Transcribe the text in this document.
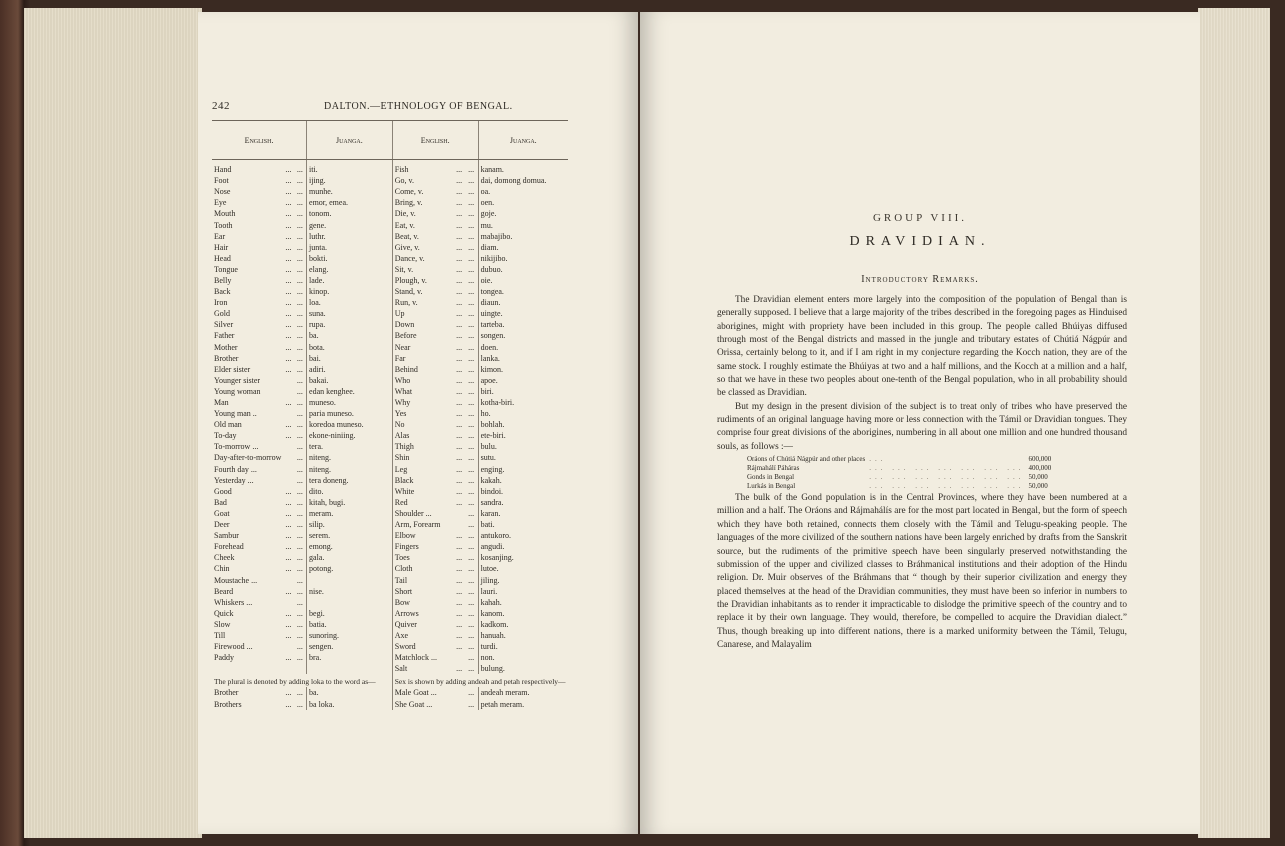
242	DALTON.—ETHNOLOGY OF BENGAL.
English.			Juanga.	English.			Juanga.
Hand	...	...	iti.	Fish	...	...	kanam.
Foot	...	...	ijing.	Go, v.	...	...	dai, domong domua.
Nose	...	...	munhe.	Come, v.	...	...	oa.
Eye	...	...	emor, emea.	Bring, v.	...	...	oen.
Mouth	...	...	tonom.	Die, v.	...	...	goje.
Tooth	...	...	gene.	Eat, v.	...	...	mu.
Ear	...	...	luthr.	Beat, v.	...	...	mabajibo.
Hair	...	...	junta.	Give, v.	...	...	diam.
Head	...	...	bokti.	Dance, v.	...	...	nikijibo.
Tongue	...	...	elang.	Sit, v.	...	...	dubuo.
Belly	...	...	lade.	Plough, v.	...	...	oie.
Back	...	...	kinop.	Stand, v.	...	...	tongea.
Iron	...	...	loa.	Run, v.	...	...	diaun.
Gold	...	...	suna.	Up	...	...	uingte.
Silver	...	...	rupa.	Down	...	...	tarteba.
Father	...	...	ba.	Before	...	...	songen.
Mother	...	...	bota.	Near	...	...	doen.
Brother	...	...	bai.	Far	...	...	lanka.
Elder sister	...	...	adiri.	Behind	...	...	kimon.
Younger sister		...	bakai.	Who	...	...	apoe.
Young woman		...	edan kenghee.	What	...	...	biri.
Man	...	...	muneso.	Why	...	...	kotha-biri.
Young man ..		...	paria muneso.	Yes	...	...	ho.
Old man	...	...	koredoa muneso.	No	...	...	bohlah.
To-day	...	...	ekone-niniing.	Alas	...	...	ete-biri.
To-morrow ...		...	tera.	Thigh	...	...	bulu.
Day-after-to-morrow		...	niteng.	Shin	...	...	sutu.
Fourth day ...		...	niteng.	Leg	...	...	enging.
Yesterday ...		...	tera doneng.	Black	...	...	kakah.
Good	...	...	dito.	White	...	...	bindoi.
Bad	...	...	kitah, bugi.	Red	...	...	sandra.
Goat	...	...	meram.	Shoulder ...		...	karan.
Deer	...	...	silip.	Arm, Forearm		...	bati.
Sambur	...	...	serem.	Elbow	...	...	antukoro.
Forehead	...	...	emong.	Fingers	...	...	angudi.
Cheek	...	...	gala.	Toes	...	...	kosanjing.
Chin	...	...	potong.	Cloth	...	...	lutoe.
Moustache ...		...		Tail	...	...	jiling.
Beard	...	...	nise.	Short	...	...	lauri.
Whiskers ...		...		Bow	...	...	kahah.
Quick	...	...	begi.	Arrows	...	...	kanom.
Slow	...	...	batia.	Quiver	...	...	kadkom.
Till	...	...	sunoring.	Axe	...	...	hanuah.
Firewood ...		...	sengen.	Sword	...	...	turdi.
Paddy	...	...	bra.	Matchlock ...		...	non.
				Salt	...	...	bulung.
The plural is denoted by adding loka to the word as—				Sex is shown by adding andeah and petah respectively—			
Brother	...	...	ba.	Male Goat ...		...	andeah meram.
Brothers	...	...	ba loka.	She Goat ...		...	petah meram.
GROUP VIII.
DRAVIDIAN.
Introductory Remarks.

The Dravidian element enters more largely into the composition of the population of Bengal than is generally supposed. I believe that a large majority of the tribes described in the foregoing pages as Hinduised aborigines, might with propriety have been included in this group. The people called Bhúiyas diffused through most of the Bengal districts and massed in the jungle and tributary estates of Chútiá Nágpúr and Orissa, certainly belong to it, and if I am right in my conjecture regarding the Kocch nation, they are of the same stock. I roughly estimate the Bhúiyas at two and a half millions, and the Kocch at a million and a half, so that we have in these two peoples about one-tenth of the Bengal population, who in all probability should be classed as Dravidian.

But my design in the present division of the subject is to treat only of tribes who have preserved the rudiments of an original language having more or less connection with the Támil or Dravidian tongues. They comprise four great divisions of the aborigines, numbering in all about one million and one hundred thousand souls, as follows :—

Oráons of Chútiá Nágpúr and other places	...	600,000
Rájmahálí Páháras	... ... ... ... ... ... ...	400,000
Gonds in Bengal	... ... ... ... ... ... ...	50,000
Lurkás in Bengal	... ... ... ... ... ... ...	50,000

The bulk of the Gond population is in the Central Provinces, where they have been numbered at a million and a half. The Oráons and Rájmahálís are for the most part located in Bengal, but the form of speech which they have both retained, connects them closely with the Támil and Telugu-speaking people. The languages of the more civilized of the southern nations have been largely enriched by drafts from the Sanskrit source, but the rudiments of the primitive speech have been singularly preserved notwithstanding the submission of the upper and civilized classes to Bráhmanical institutions and their adoption of the Hindu religion. Dr. Muir observes of the Bráhmans that “ though by their superior civilization and energy they placed themselves at the head of the Dravidian communities, they must have been so inferior in numbers to the Dravidian inhabitants as to render it impracticable to dislodge the primitive speech of the country and to replace it by their own language. They would, therefore, be compelled to acquire the Dravidian dialect.” Thus, though breaking up into different nations, there is a marked uniformity between the Támil, Telugu, Canarese, and Malayalim
